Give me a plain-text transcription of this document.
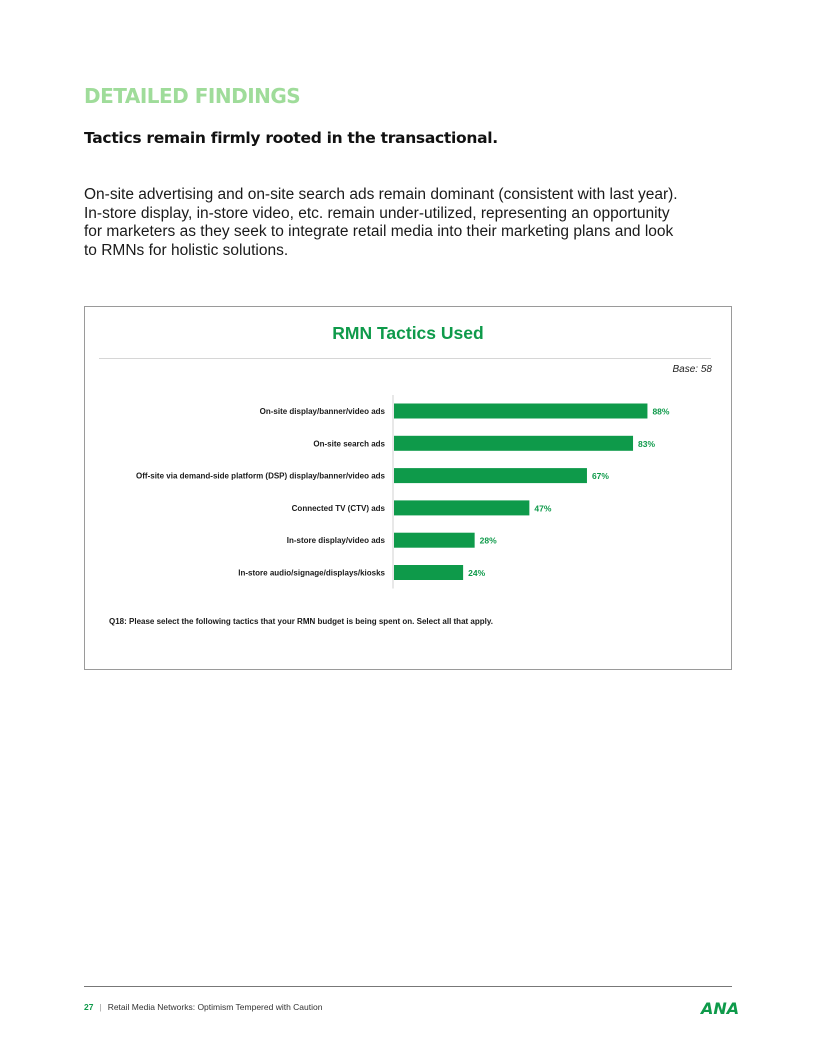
DETAILED FINDINGS
Tactics remain firmly rooted in the transactional.

On-site advertising and on-site search ads remain dominant (consistent with last year).
In-store display, in-store video, etc. remain under-utilized, representing an opportunity
for marketers as they seek to integrate retail media into their marketing plans and look
to RMNs for holistic solutions.

RMN Tactics Used
Base: 58
On-site display/banner/video ads	88%
On-site search ads	83%
Off-site via demand-side platform (DSP) display/banner/video ads	67%
Connected TV (CTV) ads	47%
In-store display/video ads	28%
In-store audio/signage/displays/kiosks	24%

Q18: Please select the following tactics that your RMN budget is being spent on. Select all that apply.

27 | Retail Media Networks: Optimism Tempered with Caution	ANA
